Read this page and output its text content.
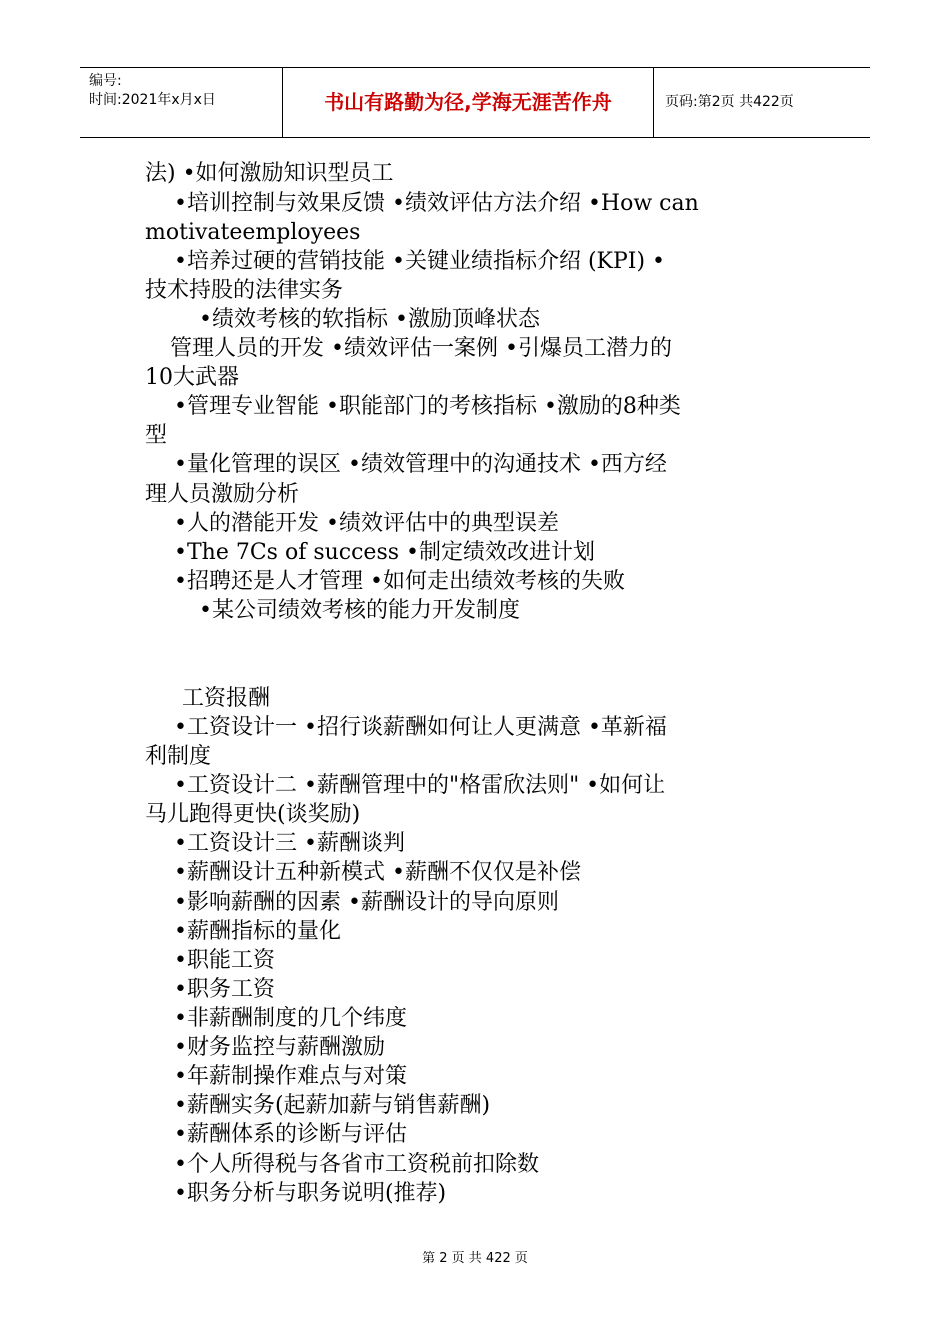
编号:
时间:2021年x月x日	书山有路勤为径,学海无涯苦作舟	页码:第2页 共422页
法) •如何激励知识型员工
•培训控制与效果反馈 •绩效评估方法介绍 •How can
motivateemployees
•培养过硬的营销技能 •关键业绩指标介绍 (KPI) •
技术持股的法律实务
•绩效考核的软指标 •激励顶峰状态
管理人员的开发 •绩效评估一案例 •引爆员工潜力的
10大武器
•管理专业智能 •职能部门的考核指标 •激励的8种类
型
•量化管理的误区 •绩效管理中的沟通技术 •西方经
理人员激励分析
•人的潜能开发 •绩效评估中的典型误差
•The 7Cs of success •制定绩效改进计划
•招聘还是人才管理 •如何走出绩效考核的失败
•某公司绩效考核的能力开发制度
工资报酬
•工资设计一 •招行谈薪酬如何让人更满意 •革新福
利制度
•工资设计二 •薪酬管理中的"格雷欣法则" •如何让
马儿跑得更快(谈奖励)
•工资设计三 •薪酬谈判
•薪酬设计五种新模式 •薪酬不仅仅是补偿
•影响薪酬的因素 •薪酬设计的导向原则
•薪酬指标的量化
•职能工资
•职务工资
•非薪酬制度的几个纬度
•财务监控与薪酬激励
•年薪制操作难点与对策
•薪酬实务(起薪加薪与销售薪酬)
•薪酬体系的诊断与评估
•个人所得税与各省市工资税前扣除数
•职务分析与职务说明(推荐)
第 2 页 共 422 页
